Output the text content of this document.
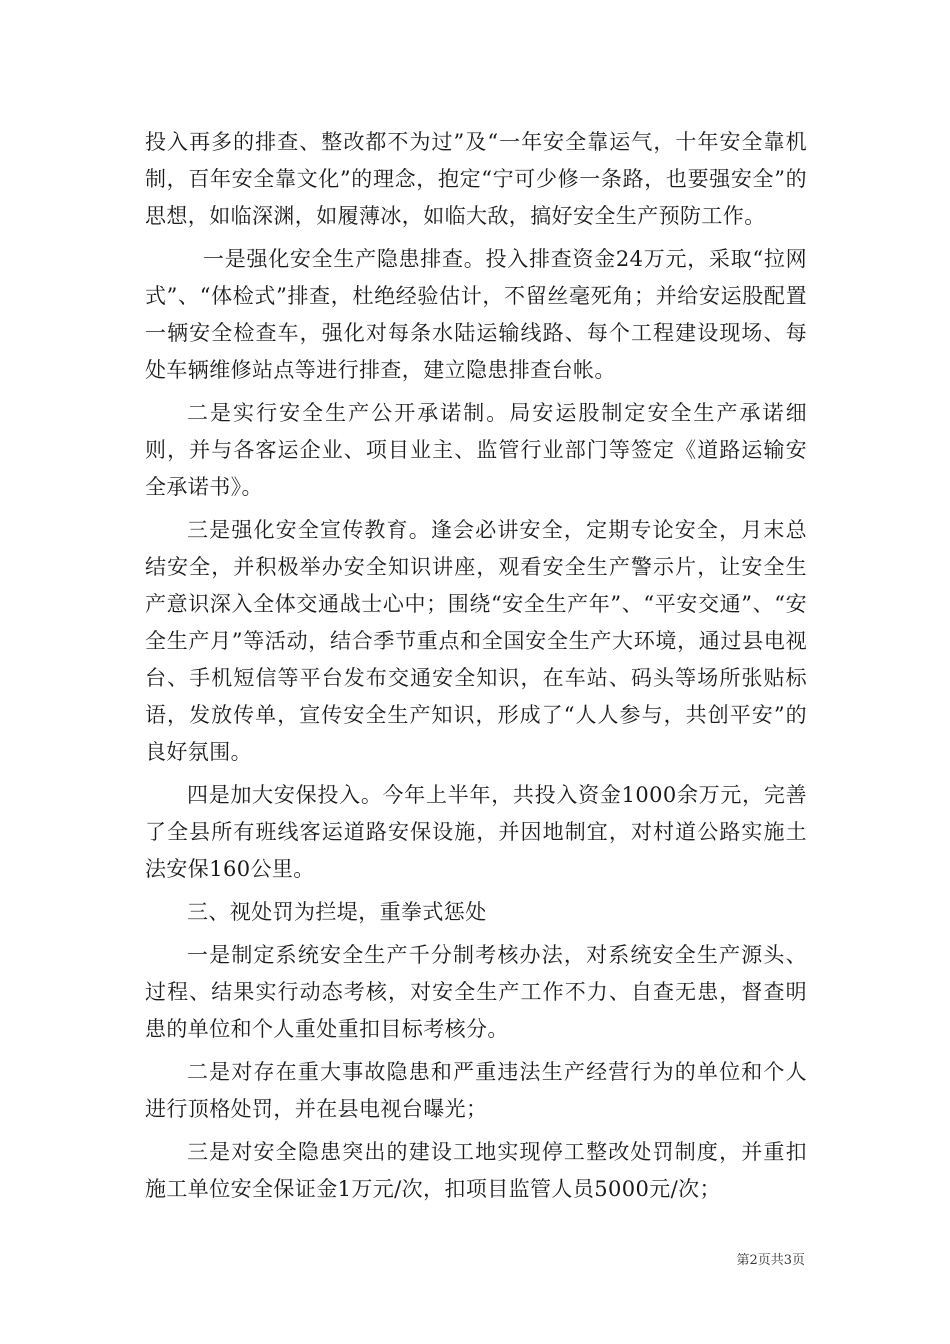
投入再多的排查、整改都不为过”及“一年安全靠运气，十年安全靠机制，百年安全靠文化”的理念，抱定“宁可少修一条路，也要强安全”的思想，如临深渊，如履薄冰，如临大敌，搞好安全生产预防工作。

一是强化安全生产隐患排查。投入排查资金24万元，采取“拉网式”、“体检式”排查，杜绝经验估计，不留丝毫死角；并给安运股配置一辆安全检查车，强化对每条水陆运输线路、每个工程建设现场、每处车辆维修站点等进行排查，建立隐患排查台帐。

二是实行安全生产公开承诺制。局安运股制定安全生产承诺细则，并与各客运企业、项目业主、监管行业部门等签定《道路运输安全承诺书》。

三是强化安全宣传教育。逢会必讲安全，定期专论安全，月末总结安全，并积极举办安全知识讲座，观看安全生产警示片，让安全生产意识深入全体交通战士心中；围绕“安全生产年”、“平安交通”、“安全生产月”等活动，结合季节重点和全国安全生产大环境，通过县电视台、手机短信等平台发布交通安全知识，在车站、码头等场所张贴标语，发放传单，宣传安全生产知识，形成了“人人参与，共创平安”的良好氛围。

四是加大安保投入。今年上半年，共投入资金1000余万元，完善了全县所有班线客运道路安保设施，并因地制宜，对村道公路实施土法安保160公里。

三、视处罚为拦堤，重拳式惩处

一是制定系统安全生产千分制考核办法，对系统安全生产源头、过程、结果实行动态考核，对安全生产工作不力、自查无患，督查明患的单位和个人重处重扣目标考核分。

二是对存在重大事故隐患和严重违法生产经营行为的单位和个人进行顶格处罚，并在县电视台曝光；

三是对安全隐患突出的建设工地实现停工整改处罚制度，并重扣施工单位安全保证金1万元/次，扣项目监管人员5000元/次；

第2页共3页
